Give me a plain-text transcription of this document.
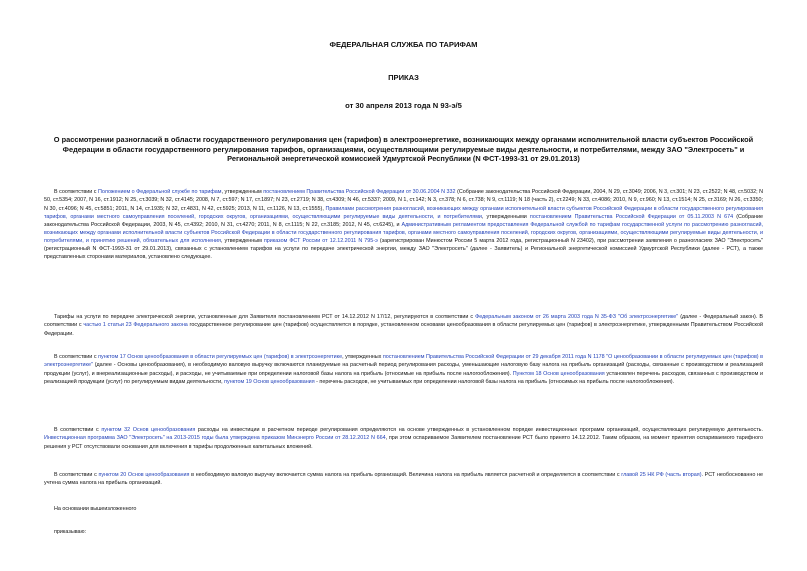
ФЕДЕРАЛЬНАЯ СЛУЖБА ПО ТАРИФАМ
ПРИКАЗ
от 30 апреля 2013 года N 93-э/5
О рассмотрении разногласий в области государственного регулирования цен (тарифов) в электроэнергетике, возникающих между органами исполнительной власти субъектов Российской Федерации в области государственного регулирования тарифов, организациями, осуществляющими регулируемые виды деятельности, и потребителями, между ЗАО "Электросеть" и Региональной энергетической комиссией Удмуртской Республики (N ФСТ-1993-31 от 29.01.2013)

В соответствии с Положением о Федеральной службе по тарифам, утвержденным постановлением Правительства Российской Федерации от 30.06.2004 N 332 (Собрание законодательства Российской Федерации, 2004, N 29, ст.3049; 2006, N 3, ст.301; N 23, ст.2522; N 48, ст.5032; N 50, ст.5354; 2007, N 16, ст.1912; N 25, ст.3039; N 32, ст.4145; 2008, N 7, ст.597; N 17, ст.1897; N 23, ст.2719; N 38, ст.4309; N 46, ст.5337; 2009, N 1, ст.142; N 3, ст.378; N 6, ст.738; N 9, ст.1119; N 18 (часть 2), ст.2249; N 33, ст.4086; 2010, N 9, ст.960; N 13, ст.1514; N 25, ст.3169; N 26, ст.3350; N 30, ст.4096; N 45, ст.5851; 2011, N 14, ст.1935; N 32, ст.4831, N 42, ст.5925; 2013, N 11, ст.1126, N 13, ст.1555), Правилами рассмотрения разногласий, возникающих между органами исполнительной власти субъектов Российской Федерации в области государственного регулирования тарифов, органами местного самоуправления поселений, городских округов, организациями, осуществляющими регулируемые виды деятельности, и потребителями, утвержденными постановлением Правительства Российской Федерации от 05.11.2003 N 674 (Собрание законодательства Российской Федерации, 2003, N 45, ст.4392; 2010, N 31, ст.4270; 2011, N 8, ст.1115; N 22, ст.3185; 2012, N 45, ст.6245), и Административным регламентом предоставления Федеральной службой по тарифам государственной услуги по рассмотрению разногласий, возникающих между органами исполнительной власти субъектов Российской Федерации в области государственного регулирования тарифов, органами местного самоуправления поселений, городских округов, организациями, осуществляющими регулируемые виды деятельности, и потребителями, и принятию решений, обязательных для исполнения, утвержденным приказом ФСТ России от 12.12.2011 N 795-э (зарегистрирован Минюстом России 5 марта 2012 года, регистрационный N 23402), при рассмотрении заявления о разногласиях ЗАО "Электросеть" (регистрационный N ФСТ-1993-31 от 29.01.2013), связанных с установлением тарифов на услуги по передаче электрической энергии, между ЗАО "Электросеть" (далее - Заявитель) и Региональной энергетической комиссией Удмуртской Республики (далее - РСТ), а также представленных сторонами материалов, установлено следующее.

Тарифы на услуги по передаче электрической энергии, установленные для Заявителя постановлением РСТ от 14.12.2012 N 17/12, регулируются в соответствии с Федеральным законом от 26 марта 2003 года N 35-ФЗ "Об электроэнергетике" (далее - Федеральный закон). В соответствии с частью 1 статьи 23 Федерального закона государственное регулирование цен (тарифов) осуществляется в порядке, установленном основами ценообразования в области регулируемых цен (тарифов) в электроэнергетике, утвержденными Правительством Российской Федерации.

В соответствии с пунктом 17 Основ ценообразования в области регулируемых цен (тарифов) в электроэнергетике, утвержденных постановлением Правительства Российской Федерации от 29 декабря 2011 года N 1178 "О ценообразовании в области регулируемых цен (тарифов) в электроэнергетике" (далее - Основы ценообразования), в необходимую валовую выручку включаются планируемые на расчетный период регулирования расходы, уменьшающие налоговую базу налога на прибыль организаций (расходы, связанные с производством и реализацией продукции (услуг), и внереализационные расходы), и расходы, не учитываемые при определении налоговой базы налога на прибыль (относимые на прибыль после налогообложения). Пунктом 18 Основ ценообразования установлен перечень расходов, связанных с производством и реализацией продукции (услуг) по регулируемым видам деятельности, пунктом 19 Основ ценообразования - перечень расходов, не учитываемых при определении налоговой базы налога на прибыль (относимых на прибыль после налогообложения).

В соответствии с пунктом 32 Основ ценообразования расходы на инвестиции в расчетном периоде регулирования определяются на основе утвержденных в установленном порядке инвестиционных программ организаций, осуществляющих регулируемую деятельность. Инвестиционная программа ЗАО "Электросеть" на 2013-2015 годы была утверждена приказом Минэнерго России от 28.12.2012 N 664, при этом оспариваемое Заявителем постановление РСТ было принято 14.12.2012. Таким образом, на момент принятия оспариваемого тарифного решения у РСТ отсутствовали основания для включения в тарифы продолженных капитальных вложений.

В соответствии с пунктом 20 Основ ценообразования в необходимую валовую выручку включается сумма налога на прибыль организаций. Величина налога на прибыль является расчетной и определяется в соответствии с главой 25 НК РФ (часть вторая). РСТ необоснованно не учтена сумма налога на прибыль организаций.

На основании вышеизложенного

приказываю:
